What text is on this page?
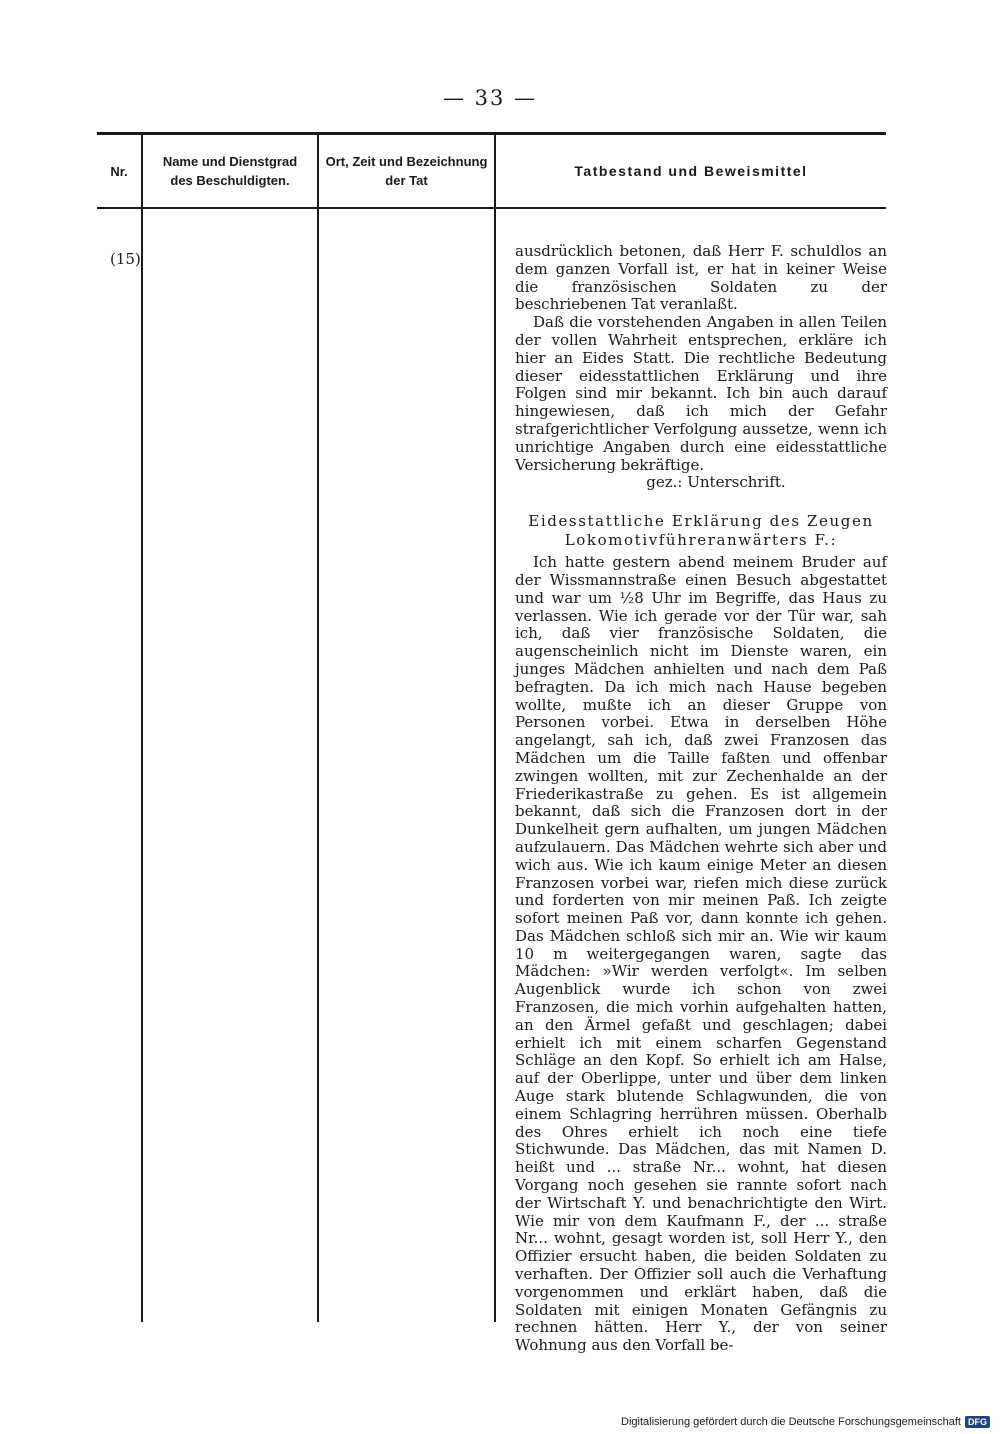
— 33 —
Nr.
Name und Dienstgrad
des Beschuldigten.
Ort, Zeit und Bezeichnung
der Tat
Tatbestand und Beweismittel
(15)	ausdrücklich betonen, daß Herr F. schuldlos an dem ganzen Vorfall ist, er hat in keiner Weise die französischen Soldaten zu der beschriebenen Tat veranlaßt.

Daß die vorstehenden Angaben in allen Teilen der vollen Wahrheit entsprechen, erkläre ich hier an Eides Statt. Die rechtliche Bedeutung dieser eidesstattlichen Erklärung und ihre Folgen sind mir bekannt. Ich bin auch darauf hingewiesen, daß ich mich der Gefahr strafgerichtlicher Verfolgung aussetze, wenn ich unrichtige Angaben durch eine eidesstattliche Versicherung bekräftige.

gez.: Unterschrift.

Eidesstattliche Erklärung des Zeugen
Lokomotivführeranwärters F.:

Ich hatte gestern abend meinem Bruder auf der Wissmannstraße einen Besuch abgestattet und war um ½8 Uhr im Begriffe, das Haus zu verlassen. Wie ich gerade vor der Tür war, sah ich, daß vier französische Soldaten, die augenscheinlich nicht im Dienste waren, ein junges Mädchen anhielten und nach dem Paß befragten. Da ich mich nach Hause begeben wollte, mußte ich an dieser Gruppe von Personen vorbei. Etwa in derselben Höhe angelangt, sah ich, daß zwei Franzosen das Mädchen um die Taille faßten und offenbar zwingen wollten, mit zur Zechenhalde an der Friederikastraße zu gehen. Es ist allgemein bekannt, daß sich die Franzosen dort in der Dunkelheit gern aufhalten, um jungen Mädchen aufzulauern. Das Mädchen wehrte sich aber und wich aus. Wie ich kaum einige Meter an diesen Franzosen vorbei war, riefen mich diese zurück und forderten von mir meinen Paß. Ich zeigte sofort meinen Paß vor, dann konnte ich gehen. Das Mädchen schloß sich mir an. Wie wir kaum 10 m weitergegangen waren, sagte das Mädchen: »Wir werden verfolgt«. Im selben Augenblick wurde ich schon von zwei Franzosen, die mich vorhin aufgehalten hatten, an den Ärmel gefaßt und geschlagen; dabei erhielt ich mit einem scharfen Gegenstand Schläge an den Kopf. So erhielt ich am Halse, auf der Oberlippe, unter und über dem linken Auge stark blutende Schlagwunden, die von einem Schlagring herrühren müssen. Oberhalb des Ohres erhielt ich noch eine tiefe Stichwunde. Das Mädchen, das mit Namen D. heißt und ... straße Nr... wohnt, hat diesen Vorgang noch gesehen sie rannte sofort nach der Wirtschaft Y. und benachrichtigte den Wirt. Wie mir von dem Kaufmann F., der ... straße Nr... wohnt, gesagt worden ist, soll Herr Y., den Offizier ersucht haben, die beiden Soldaten zu verhaften. Der Offizier soll auch die Verhaftung vorgenommen und erklärt haben, daß die Soldaten mit einigen Monaten Gefängnis zu rechnen hätten. Herr Y., der von seiner Wohnung aus den Vorfall be-

Digitalisierung gefördert durch die Deutsche Forschungsgemeinschaft DFG
